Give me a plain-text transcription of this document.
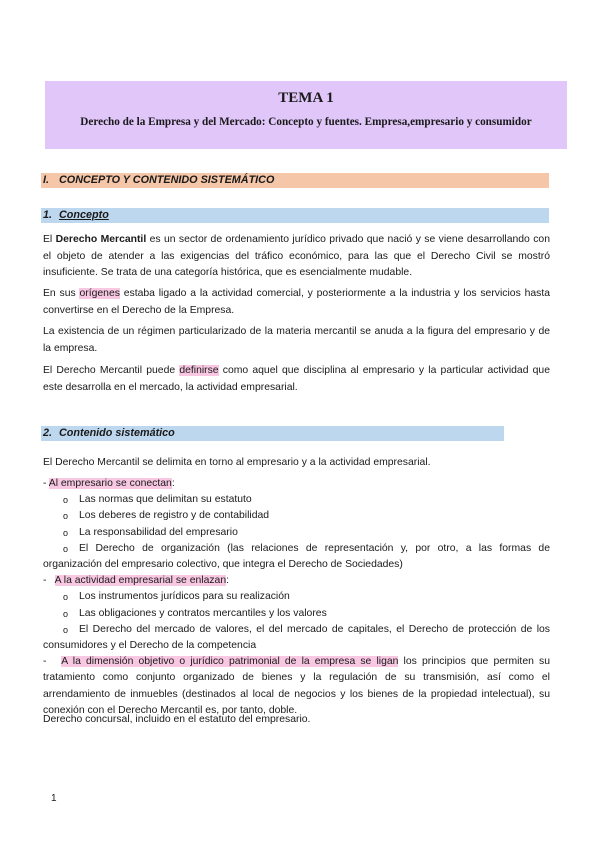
TEMA 1
Derecho de la Empresa y del Mercado: Concepto y fuentes. Empresa,empresario y consumidor
I. CONCEPTO Y CONTENIDO SISTEMÁTICO
1. Concepto

El Derecho Mercantil es un sector de ordenamiento jurídico privado que nació y se viene desarrollando con el objeto de atender a las exigencias del tráfico económico, para las que el Derecho Civil se mostró insuficiente. Se trata de una categoría histórica, que es esencialmente mudable.

En sus orígenes estaba ligado a la actividad comercial, y posteriormente a la industria y los servicios hasta convertirse en el Derecho de la Empresa.

La existencia de un régimen particularizado de la materia mercantil se anuda a la figura del empresario y de la empresa.

El Derecho Mercantil puede definirse como aquel que disciplina al empresario y la particular actividad que este desarrolla en el mercado, la actividad empresarial.

2. Contenido sistemático

El Derecho Mercantil se delimita en torno al empresario y a la actividad empresarial.

- Al empresario se conectan:
o Las normas que delimitan su estatuto
o Los deberes de registro y de contabilidad
o La responsabilidad del empresario
o	El Derecho de organización (las relaciones de representación y, por otro, a las formas de organización del empresario colectivo, que integra el Derecho de Sociedades)
-   A la actividad empresarial se enlazan:
o Los instrumentos jurídicos para su realización
o Las obligaciones y contratos mercantiles y los valores
o	El Derecho del mercado de valores, el del mercado de capitales, el Derecho de protección de los consumidores y el Derecho de la competencia
-   A la dimensión objetivo o jurídico patrimonial de la empresa se ligan los principios que permiten su tratamiento como conjunto organizado de bienes y la regulación de su transmisión, así como el arrendamiento de inmuebles (destinados al local de negocios y los bienes de la propiedad intelectual), su conexión con el Derecho Mercantil es, por tanto, doble.

Derecho concursal, incluido en el estatuto del empresario.

1
